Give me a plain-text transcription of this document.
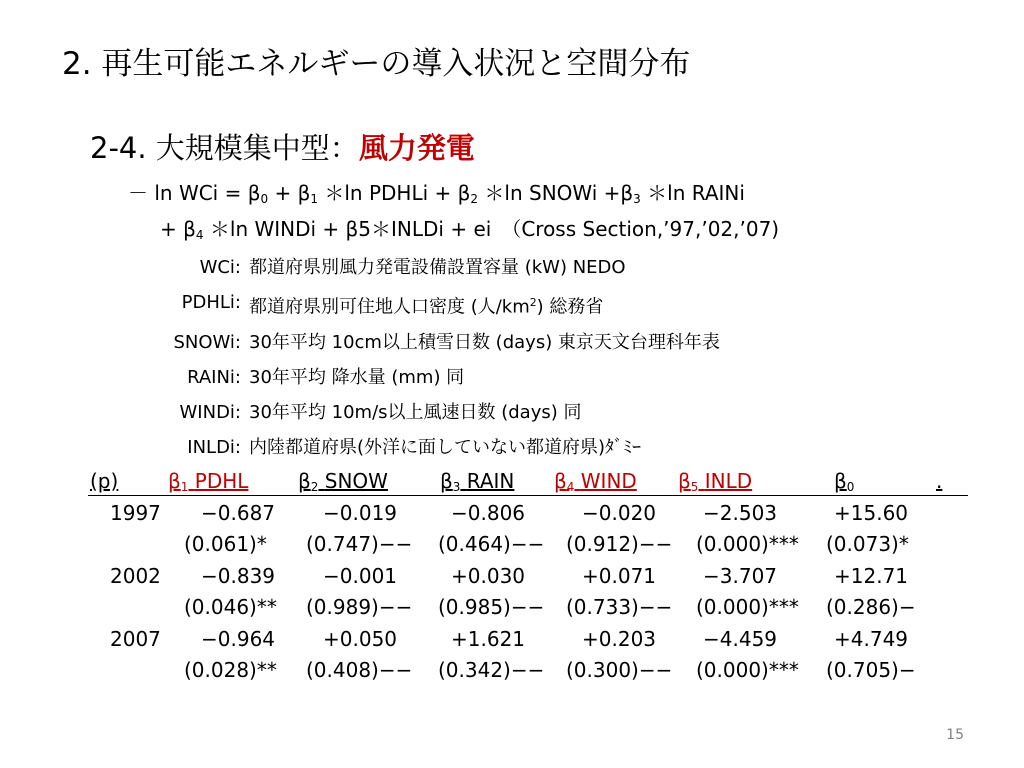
2. 再生可能エネルギーの導入状況と空間分布
2-4. 大規模集中型：風力発電
－ ln WCi = $\beta_0 + \beta_1$ ＊ln PDHLi + $\beta_2$ ＊ln SNOWi $+\beta_3$ ＊ln RAINi
+ $\beta_4$ ＊ln WINDi + β5＊INLDi + ei　（Cross Section,’97,’02,’07)
WCi: 都道府県別風力発電設備設置容量 (kW) NEDO
PDHLi: 都道府県別可住地人口密度 (人$/km^2$) 総務省
SNOWi: 30年平均 10cm以上積雪日数 (days) 東京天文台理科年表
RAINi: 30年平均 降水量 (mm) 同
WINDi: 30年平均 10m/s以上風速日数 (days) 同
INLDi: 内陸都道府県(外洋に面していない都道府県)ﾀﾞﾐｰ
(p) $\beta_1$ PDHL $\beta_2$ SNOW	$\beta_3$ RAIN $\beta_4$ WIND $\beta_5$ INLD	$\beta_0$	.
1997 −0.687 −0.019	−0.806	−0.020 −2.503	+15.60
(0.061)* (0.747)−− (0.464)−− (0.912)−− (0.000)*** (0.073)*
2002 −0.839 −0.001	+0.030	+0.071 −3.707	+12.71
(0.046)** (0.989)−− (0.985)−− (0.733)−− (0.000)*** (0.286)−
2007 −0.964 +0.050	+1.621	+0.203 −4.459	+4.749
(0.028)** (0.408)−− (0.342)−− (0.300)−− (0.000)*** (0.705)−
15
